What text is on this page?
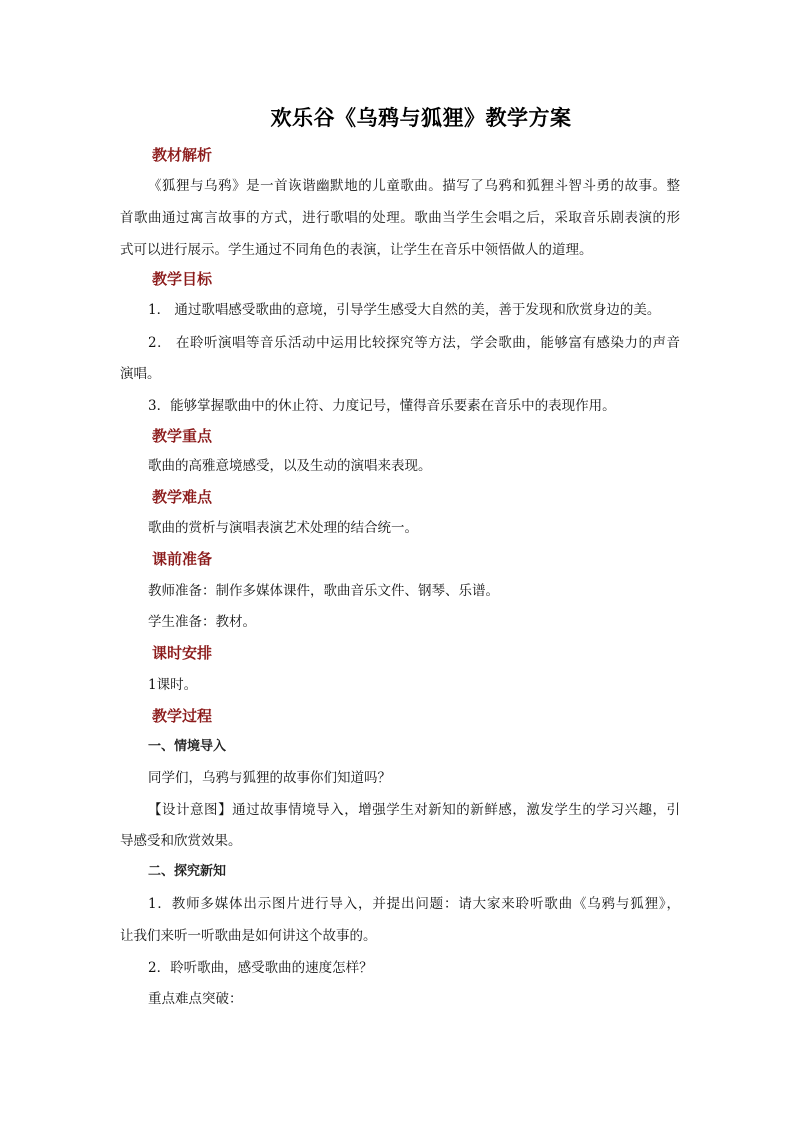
欢乐谷《乌鸦与狐狸》教学方案
教材解析

《狐狸与乌鸦》是一首诙谐幽默地的儿童歌曲。描写了乌鸦和狐狸斗智斗勇的故事。整

首歌曲通过寓言故事的方式，进行歌唱的处理。歌曲当学生会唱之后，采取音乐剧表演的形

式可以进行展示。学生通过不同角色的表演，让学生在音乐中领悟做人的道理。

教学目标

1． 通过歌唱感受歌曲的意境，引导学生感受大自然的美，善于发现和欣赏身边的美。

2． 在聆听演唱等音乐活动中运用比较探究等方法，学会歌曲，能够富有感染力的声音

演唱。

3．能够掌握歌曲中的休止符、力度记号，懂得音乐要素在音乐中的表现作用。

教学重点

歌曲的高雅意境感受，以及生动的演唱来表现。

教学难点

歌曲的赏析与演唱表演艺术处理的结合统一。

课前准备

教师准备：制作多媒体课件，歌曲音乐文件、钢琴、乐谱。

学生准备：教材。

课时安排

1课时。

教学过程
一、情境导入

同学们，乌鸦与狐狸的故事你们知道吗？

【设计意图】通过故事情境导入，增强学生对新知的新鲜感，激发学生的学习兴趣，引

导感受和欣赏效果。

二、探究新知

1．教师多媒体出示图片进行导入，并提出问题：请大家来聆听歌曲《乌鸦与狐狸》，

让我们来听一听歌曲是如何讲这个故事的。

2．聆听歌曲，感受歌曲的速度怎样？

重点难点突破：
